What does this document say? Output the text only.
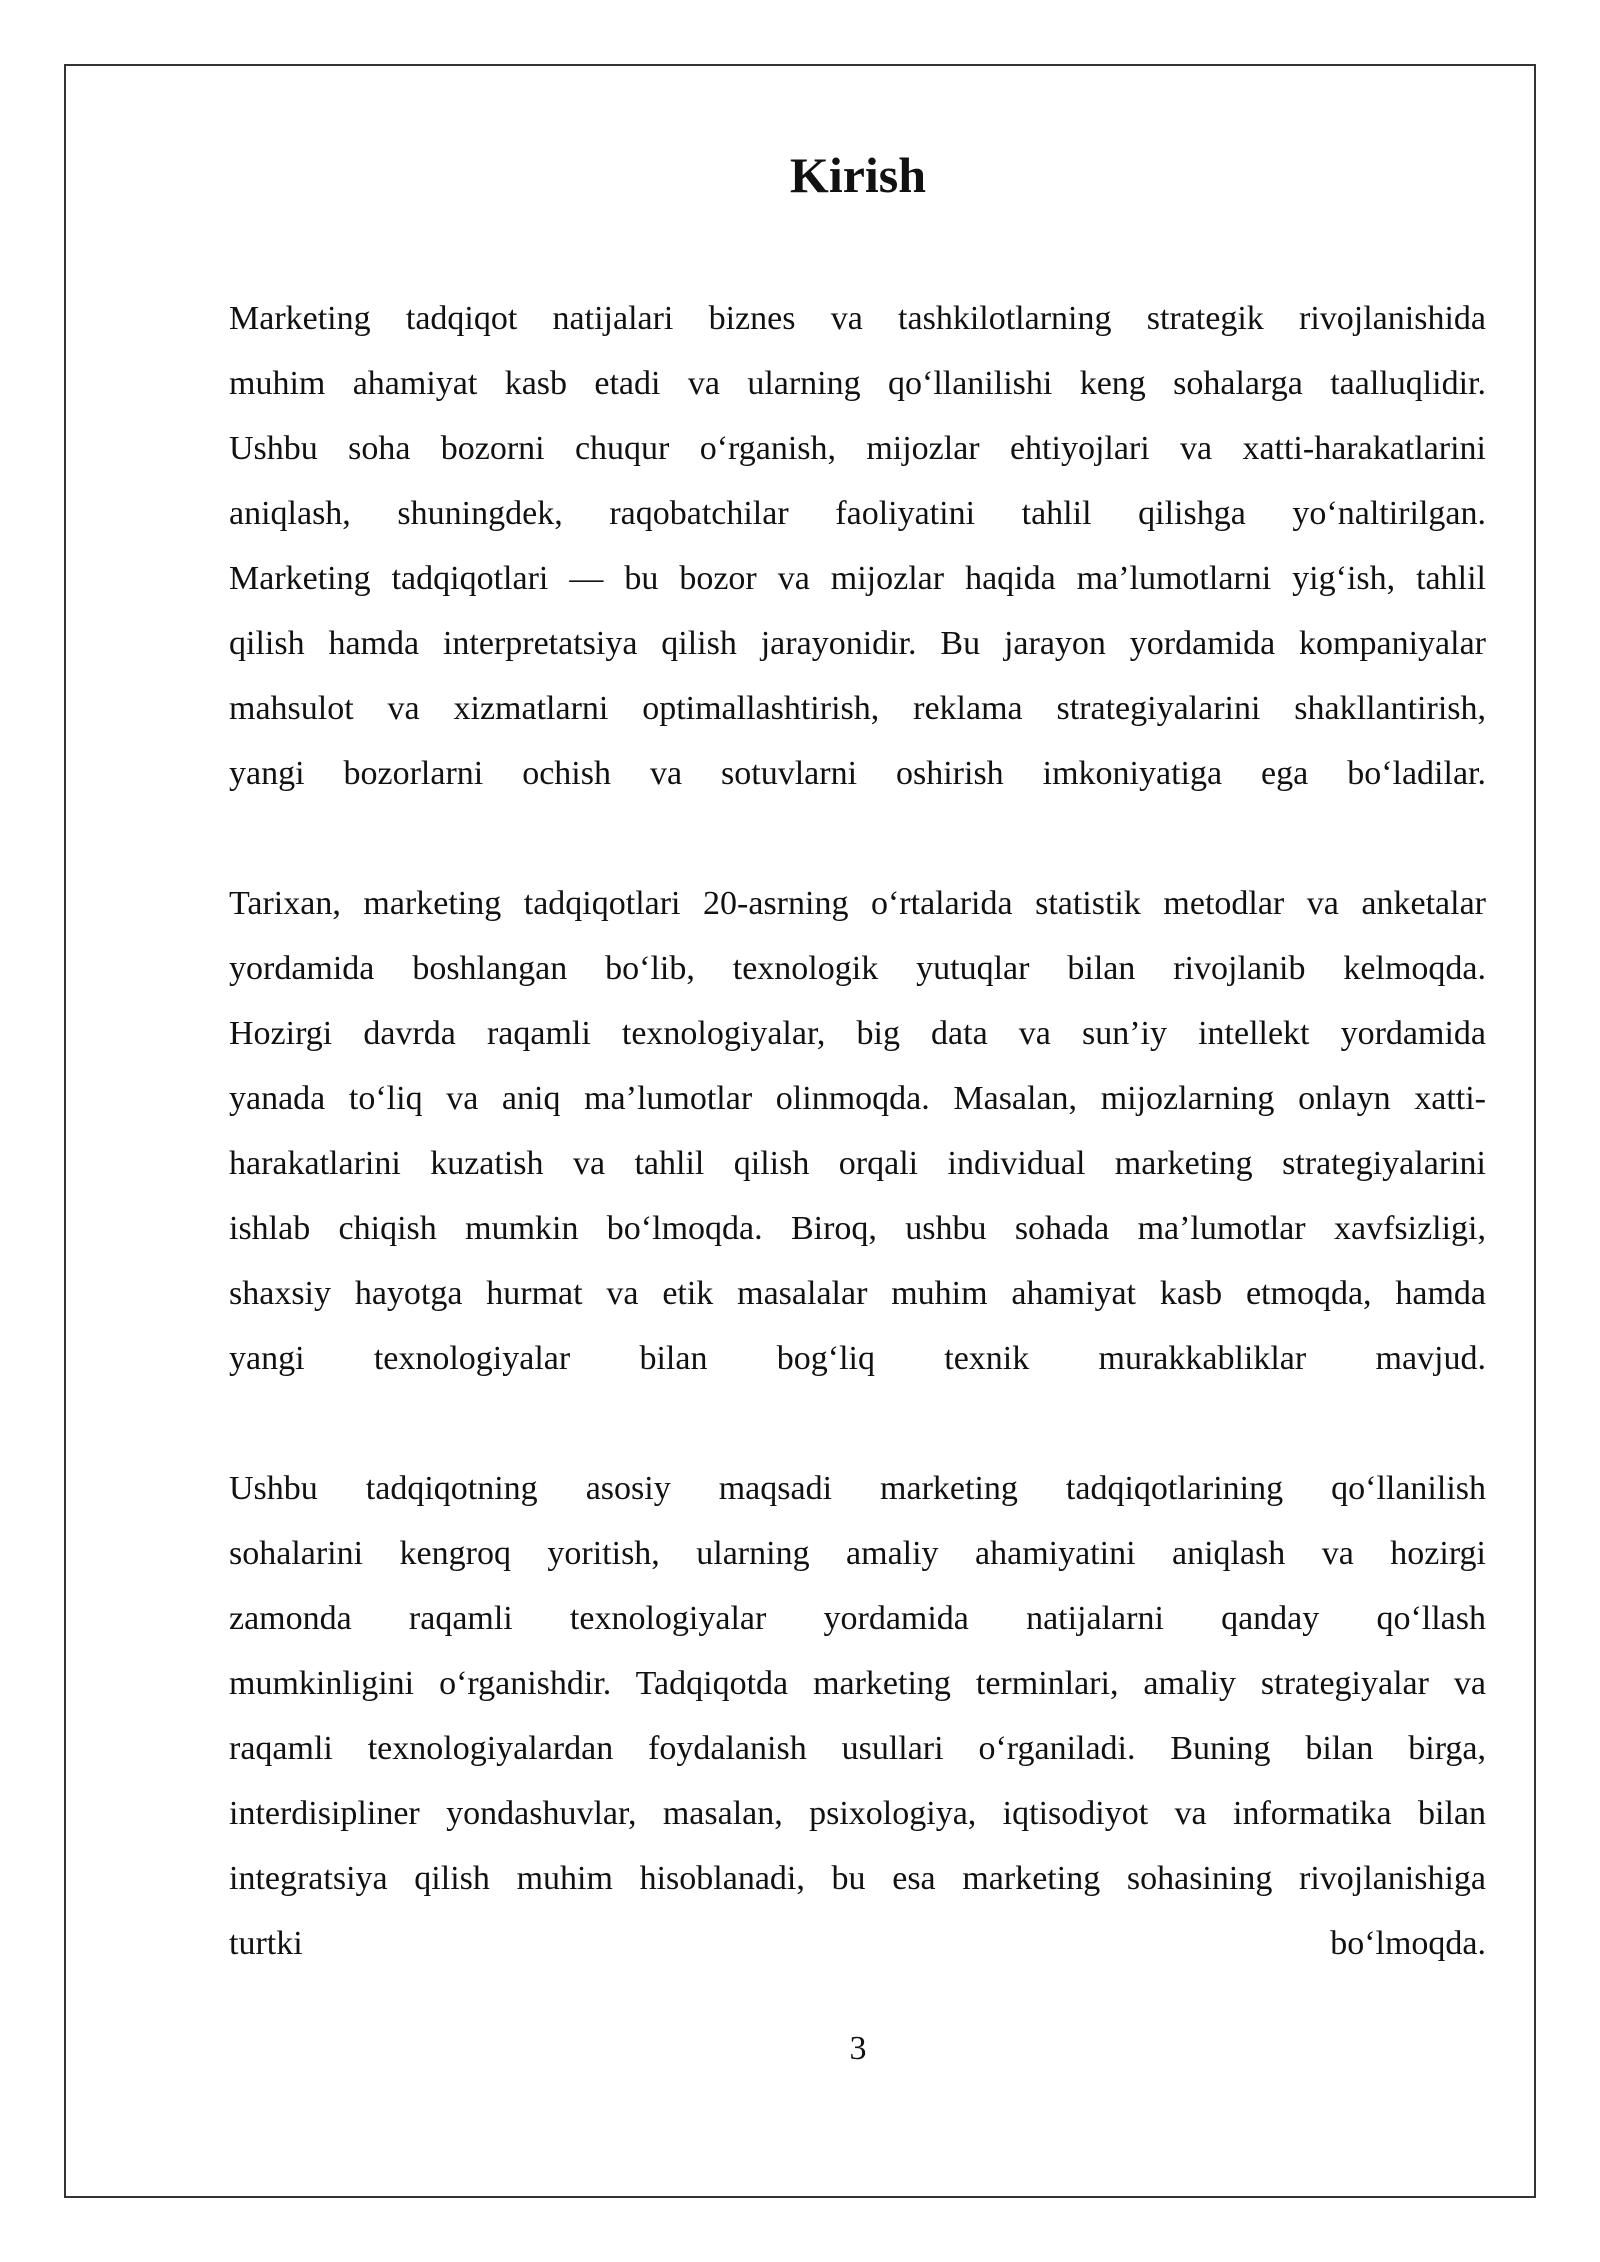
Kirish
Marketing tadqiqot natijalari biznes va tashkilotlarning strategik rivojlanishida
muhim ahamiyat kasb etadi va ularning qo‘llanilishi keng sohalarga taalluqlidir.
Ushbu soha bozorni chuqur o‘rganish, mijozlar ehtiyojlari va xatti-harakatlarini
aniqlash, shuningdek, raqobatchilar faoliyatini tahlil qilishga yo‘naltirilgan.
Marketing tadqiqotlari — bu bozor va mijozlar haqida ma’lumotlarni yig‘ish, tahlil
qilish hamda interpretatsiya qilish jarayonidir. Bu jarayon yordamida kompaniyalar
mahsulot va xizmatlarni optimallashtirish, reklama strategiyalarini shakllantirish,
yangi bozorlarni ochish va sotuvlarni oshirish imkoniyatiga ega bo‘ladilar.
Tarixan, marketing tadqiqotlari 20-asrning o‘rtalarida statistik metodlar va anketalar
yordamida boshlangan bo‘lib, texnologik yutuqlar bilan rivojlanib kelmoqda.
Hozirgi davrda raqamli texnologiyalar, big data va sun’iy intellekt yordamida
yanada to‘liq va aniq ma’lumotlar olinmoqda. Masalan, mijozlarning onlayn xatti-
harakatlarini kuzatish va tahlil qilish orqali individual marketing strategiyalarini
ishlab chiqish mumkin bo‘lmoqda. Biroq, ushbu sohada ma’lumotlar xavfsizligi,
shaxsiy hayotga hurmat va etik masalalar muhim ahamiyat kasb etmoqda, hamda
yangi texnologiyalar bilan bog‘liq texnik murakkabliklar mavjud.
Ushbu tadqiqotning asosiy maqsadi marketing tadqiqotlarining qo‘llanilish
sohalarini kengroq yoritish, ularning amaliy ahamiyatini aniqlash va hozirgi
zamonda raqamli texnologiyalar yordamida natijalarni qanday qo‘llash
mumkinligini o‘rganishdir. Tadqiqotda marketing terminlari, amaliy strategiyalar va
raqamli texnologiyalardan foydalanish usullari o‘rganiladi. Buning bilan birga,
interdisipliner yondashuvlar, masalan, psixologiya, iqtisodiyot va informatika bilan
integratsiya qilish muhim hisoblanadi, bu esa marketing sohasining rivojlanishiga
turtki bo‘lmoqda.
3
